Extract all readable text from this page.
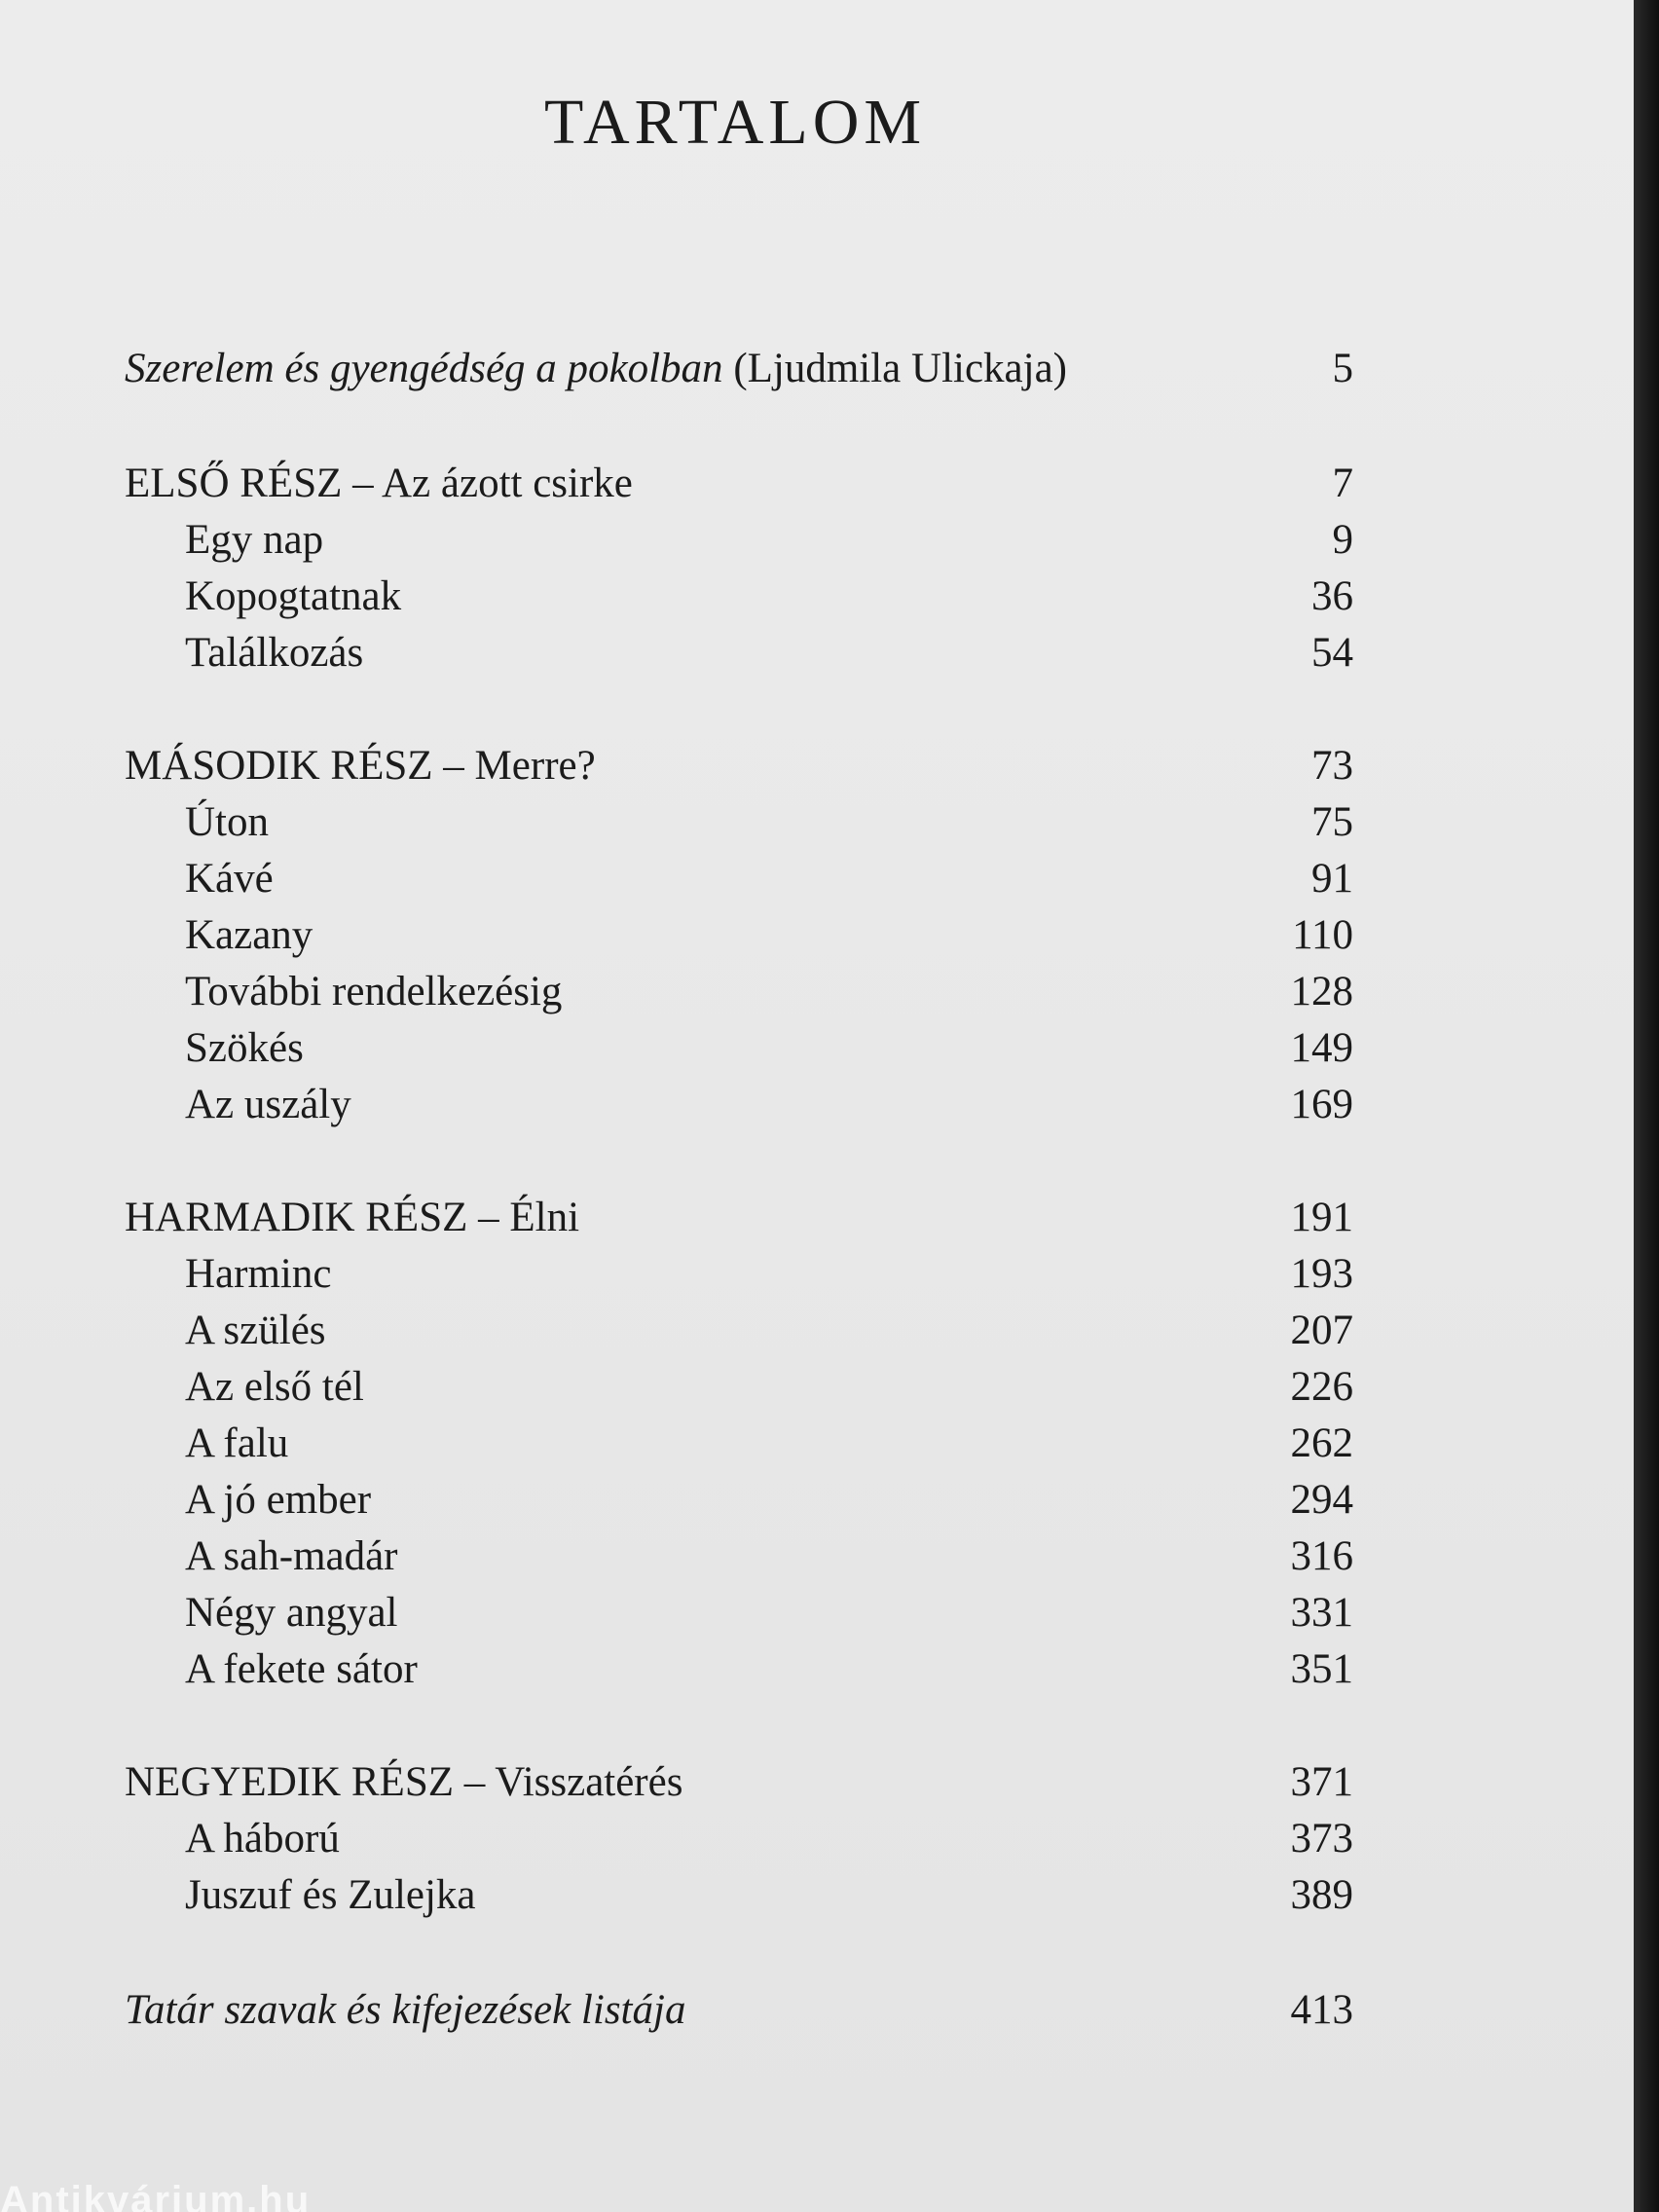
TARTALOM
Szerelem és gyengédség a pokolban (Ljudmila Ulickaja)	5
ELSŐ RÉSZ – Az ázott csirke	7
Egy nap	9
Kopogtatnak	36
Találkozás	54
MÁSODIK RÉSZ – Merre?	73
Úton	75
Kávé	91
Kazany	110
További rendelkezésig	128
Szökés	149
Az uszály	169
HARMADIK RÉSZ – Élni	191
Harminc	193
A szülés	207
Az első tél	226
A falu	262
A jó ember	294
A sah-madár	316
Négy angyal	331
A fekete sátor	351
NEGYEDIK RÉSZ – Visszatérés	371
A háború	373
Juszuf és Zulejka	389
Tatár szavak és kifejezések listája	413
Antikvárium.hu
